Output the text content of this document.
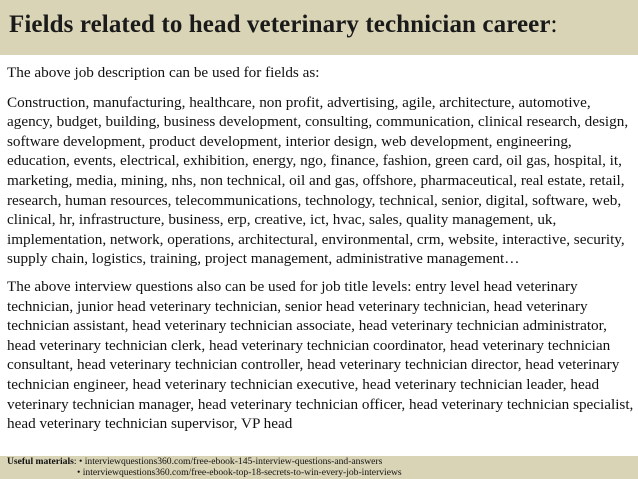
Fields related to head veterinary technician career:

The above job description can be used for fields as:

Construction, manufacturing, healthcare, non profit, advertising, agile, architecture, automotive, agency, budget, building, business development, consulting, communication, clinical research, design, software development, product development, interior design, web development, engineering, education, events, electrical, exhibition, energy, ngo, finance, fashion, green card, oil gas, hospital, it, marketing, media, mining, nhs, non technical, oil and gas, offshore, pharmaceutical, real estate, retail, research, human resources, telecommunications, technology, technical, senior, digital, software, web, clinical, hr, infrastructure, business, erp, creative, ict, hvac, sales, quality management, uk, implementation, network, operations, architectural, environmental, crm, website, interactive, security, supply chain, logistics, training, project management, administrative management…

The above interview questions also can be used for job title levels: entry level head veterinary technician, junior head veterinary technician, senior head veterinary technician, head veterinary technician assistant, head veterinary technician associate, head veterinary technician administrator, head veterinary technician clerk, head veterinary technician coordinator, head veterinary technician consultant, head veterinary technician controller, head veterinary technician director, head veterinary technician engineer, head veterinary technician executive, head veterinary technician leader, head veterinary technician manager, head veterinary technician officer, head veterinary technician specialist, head veterinary technician supervisor, VP head

Useful materials: • interviewquestions360.com/free-ebook-145-interview-questions-and-answers
• interviewquestions360.com/free-ebook-top-18-secrets-to-win-every-job-interviews
